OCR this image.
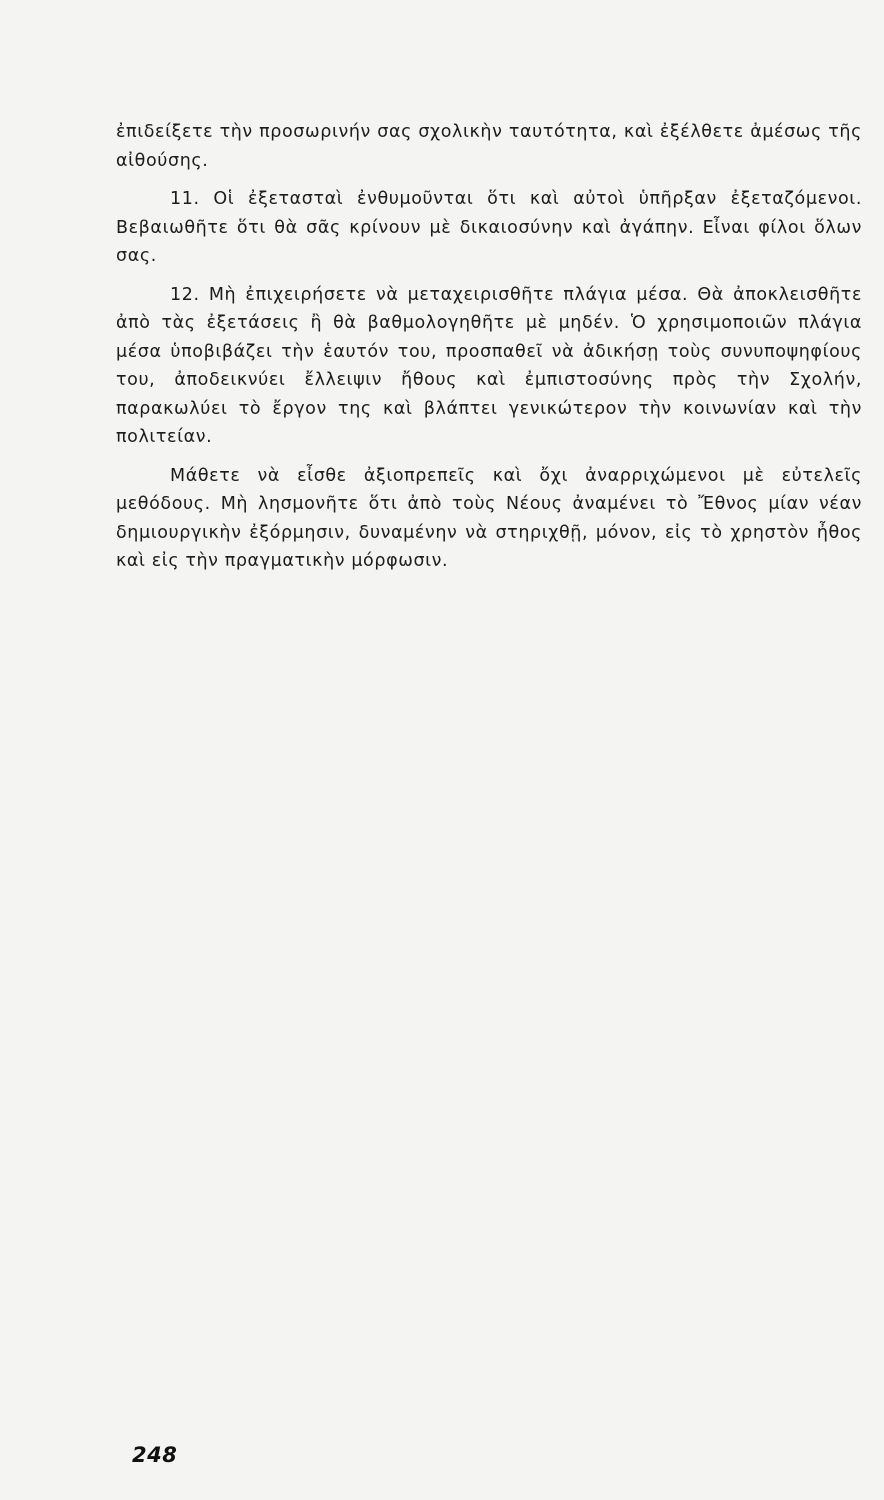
ἐπιδείξετε τὴν προσωρινήν σας σχολικὴν ταυτότητα, καὶ ἐξέλθετε ἀμέσως τῆς αἰθούσης.

11. Οἱ ἐξετασταὶ ἐνθυμοῦνται ὅτι καὶ αὐτοὶ ὑπῆρξαν ἐξεταζόμενοι. Βεβαιωθῆτε ὅτι θὰ σᾶς κρίνουν μὲ δικαιοσύνην καὶ ἀγάπην. Εἶναι φίλοι ὅλων σας.

12. Μὴ ἐπιχειρήσετε νὰ μεταχειρισθῆτε πλάγια μέσα. Θὰ ἀποκλεισθῆτε ἀπὸ τὰς ἐξετάσεις ἢ θὰ βαθμολογηθῆτε μὲ μηδέν. Ὁ χρησιμοποιῶν πλάγια μέσα ὑποβιβάζει τὴν ἑαυτόν του, προσπαθεῖ νὰ ἀδικήσῃ τοὺς συνυποψηφίους του, ἀποδεικνύει ἔλλειψιν ἤθους καὶ ἐμπιστοσύνης πρὸς τὴν Σχολήν, παρακωλύει τὸ ἔργον της καὶ βλάπτει γενικώτερον τὴν κοινωνίαν καὶ τὴν πολιτείαν.

Μάθετε νὰ εἶσθε ἀξιοπρεπεῖς καὶ ὄχι ἀναρριχώμενοι μὲ εὐτελεῖς μεθόδους. Μὴ λησμονῆτε ὅτι ἀπὸ τοὺς Νέους ἀναμένει τὸ Ἔθνος μίαν νέαν δημιουργικὴν ἐξόρμησιν, δυναμένην νὰ στηριχθῇ, μόνον, εἰς τὸ χρηστὸν ἦθος καὶ εἰς τὴν πραγματικὴν μόρφωσιν.

248
